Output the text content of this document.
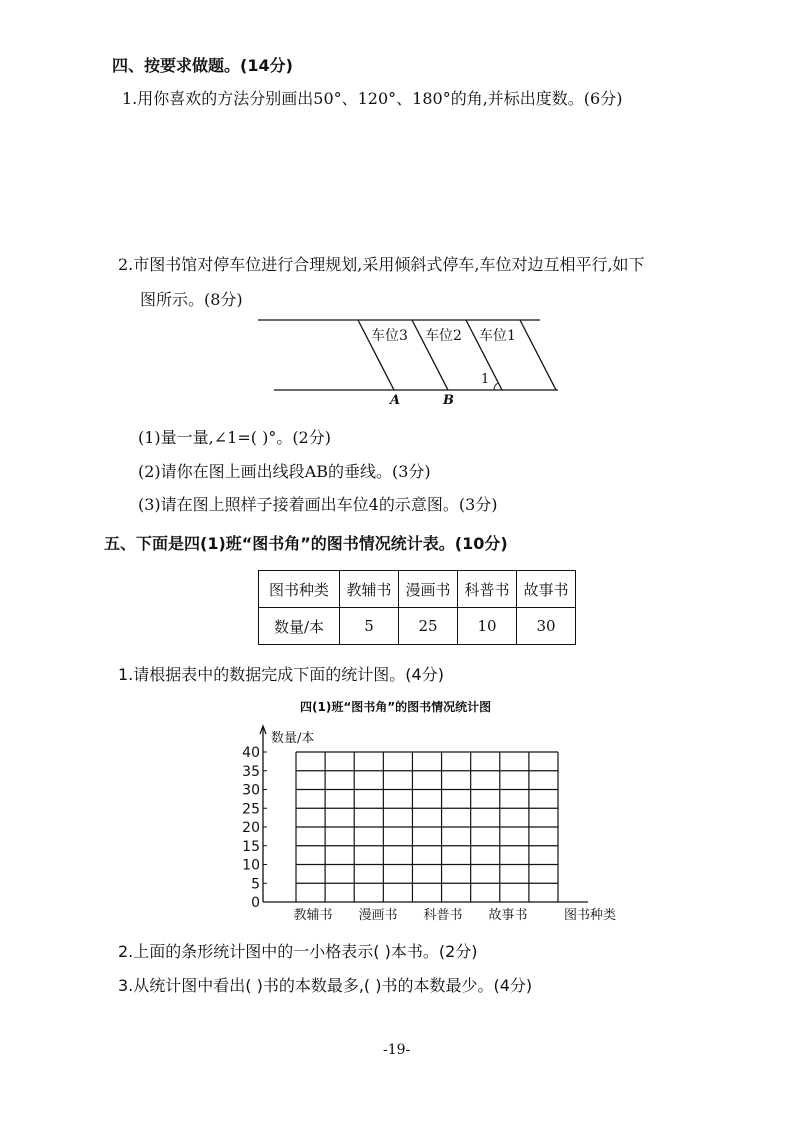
四、按要求做题。(14分)
1.用你喜欢的方法分别画出50°、120°、180°的角,并标出度数。(6分)
2.市图书馆对停车位进行合理规划,采用倾斜式停车,车位对边互相平行,如下
图所示。(8分)
车位3 车位2 车位1
1
A	B
(1)量一量,∠1=( )°。(2分)
(2)请你在图上画出线段AB的垂线。(3分)
(3)请在图上照样子接着画出车位4的示意图。(3分)
五、下面是四(1)班“图书角”的图书情况统计表。(10分)
图书种类	教辅书	漫画书	科普书	故事书
数量/本	5	25	10	30
1.请根据表中的数据完成下面的统计图。(4分)
四(1)班“图书角”的图书情况统计图
0
5
10
15
20
25
30
35
40
数量/本
教辅书 漫画书 科普书 故事书	图书种类
2.上面的条形统计图中的一小格表示( )本书。(2分)
3.从统计图中看出( )书的本数最多,( )书的本数最少。(4分)
-19-
